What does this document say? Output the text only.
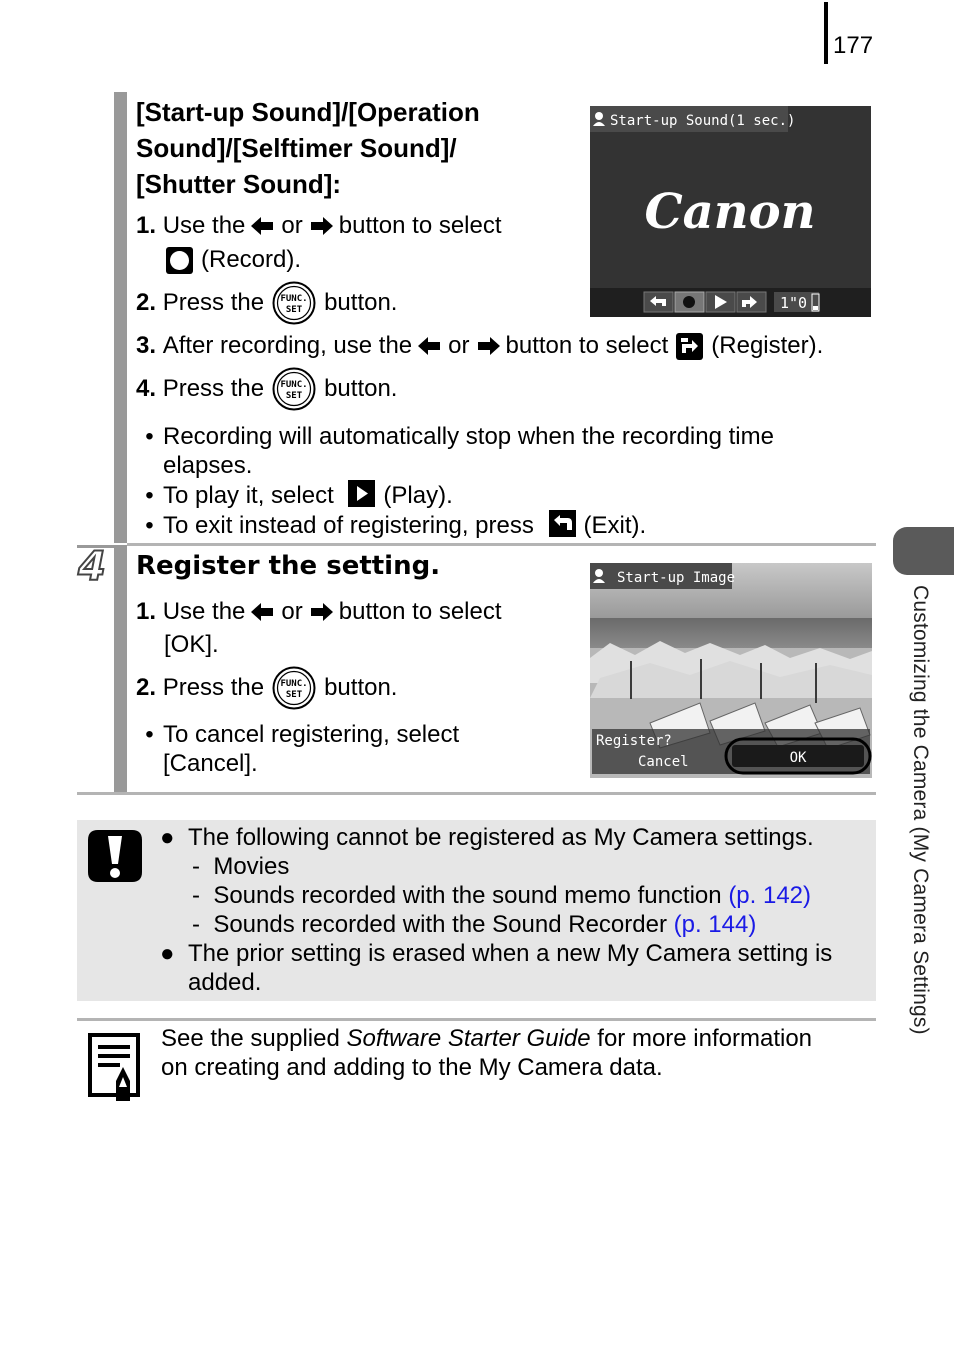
177
Customizing the Camera (My Camera Settings)
[Start-up Sound]/[Operation
Sound]/[Selftimer Sound]/
[Shutter Sound]:
1.
Use the or button to select
(Record).
2.
Press the	button.
3.
After recording, use the or button to select (Register).
4.
Press the	button.
• Recording will automatically stop when the recording time
elapses.
• To play it, select (Play).
• To exit instead of registering, press (Exit).
Start-up Sound(1 sec.)
Canon
1"0
4 Register the setting.
1.
Use the or button to select
[OK].
2.
Press the	button.
• To cancel registering, select
[Cancel].
Start-up Image
Register?
Cancel	OK
● The following cannot be registered as My Camera settings.
-  Movies
-  Sounds recorded with the sound memo function (p. 142)
-  Sounds recorded with the Sound Recorder (p. 144)
● The prior setting is erased when a new My Camera setting is
added.
See the supplied Software Starter Guide for more information
on creating and adding to the My Camera data.
